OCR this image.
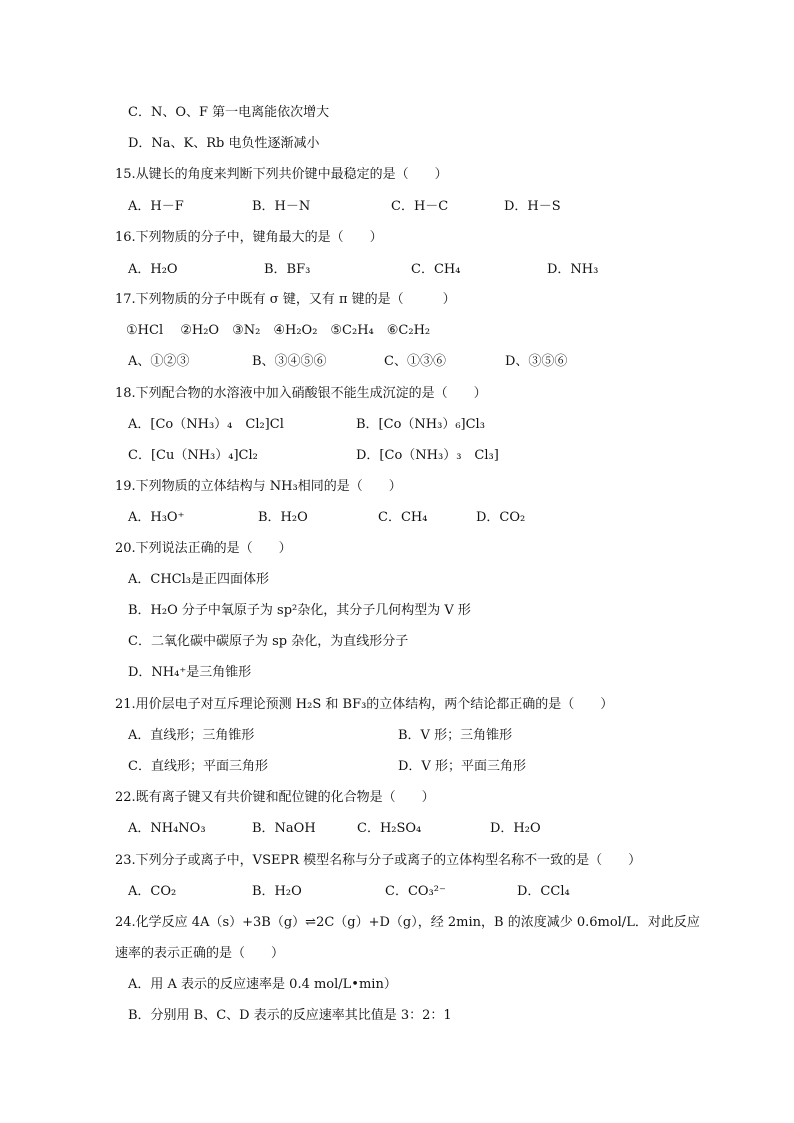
C．N、O、F 第一电离能依次增大
D．Na、K、Rb 电负性逐渐减小
15.从键长的角度来判断下列共价键中最稳定的是（　　）
A．H－F	B．H－N	C．H－C	D．H－S
16.下列物质的分子中，键角最大的是（　　）
A．H₂O	B．BF₃	C．CH₄	D．NH₃
17.下列物质的分子中既有 σ 键，又有 π 键的是（　　　）
①HCl　 ②H₂O　③N₂　④H₂O₂　⑤C₂H₄　⑥C₂H₂
A、①②③	B、③④⑤⑥	C、①③⑥	D、③⑤⑥
18.下列配合物的水溶液中加入硝酸银不能生成沉淀的是（　　）
A．[Co（NH₃）₄　Cl₂]Cl	B．[Co（NH₃）₆]Cl₃
C．[Cu（NH₃）₄]Cl₂	D．[Co（NH₃）₃　Cl₃]
19.下列物质的立体结构与 NH₃相同的是（　　）
A．H₃O⁺	B．H₂O	C．CH₄	D．CO₂
20.下列说法正确的是（　　）
A．CHCl₃是正四面体形
B．H₂O 分子中氧原子为 sp²杂化，其分子几何构型为 V 形
C．二氧化碳中碳原子为 sp 杂化，为直线形分子
D．NH₄⁺是三角锥形
21.用价层电子对互斥理论预测 H₂S 和 BF₃的立体结构，两个结论都正确的是（　　）
A．直线形；三角锥形	B．V 形；三角锥形
C．直线形；平面三角形	D．V 形；平面三角形
22.既有离子键又有共价键和配位键的化合物是（　　）
A．NH₄NO₃	B．NaOH	C．H₂SO₄	D．H₂O
23.下列分子或离子中，VSEPR 模型名称与分子或离子的立体构型名称不一致的是（　　）
A．CO₂	B．H₂O	C．CO₃²⁻	D．CCl₄
24.化学反应 4A（s）+3B（g）⇌2C（g）+D（g），经 2min，B 的浓度减少 0.6mol/L．对此反应
速率的表示正确的是（　　）
A．用 A 表示的反应速率是 0.4 mol/L•min）
B．分别用 B、C、D 表示的反应速率其比值是 3：2：1
